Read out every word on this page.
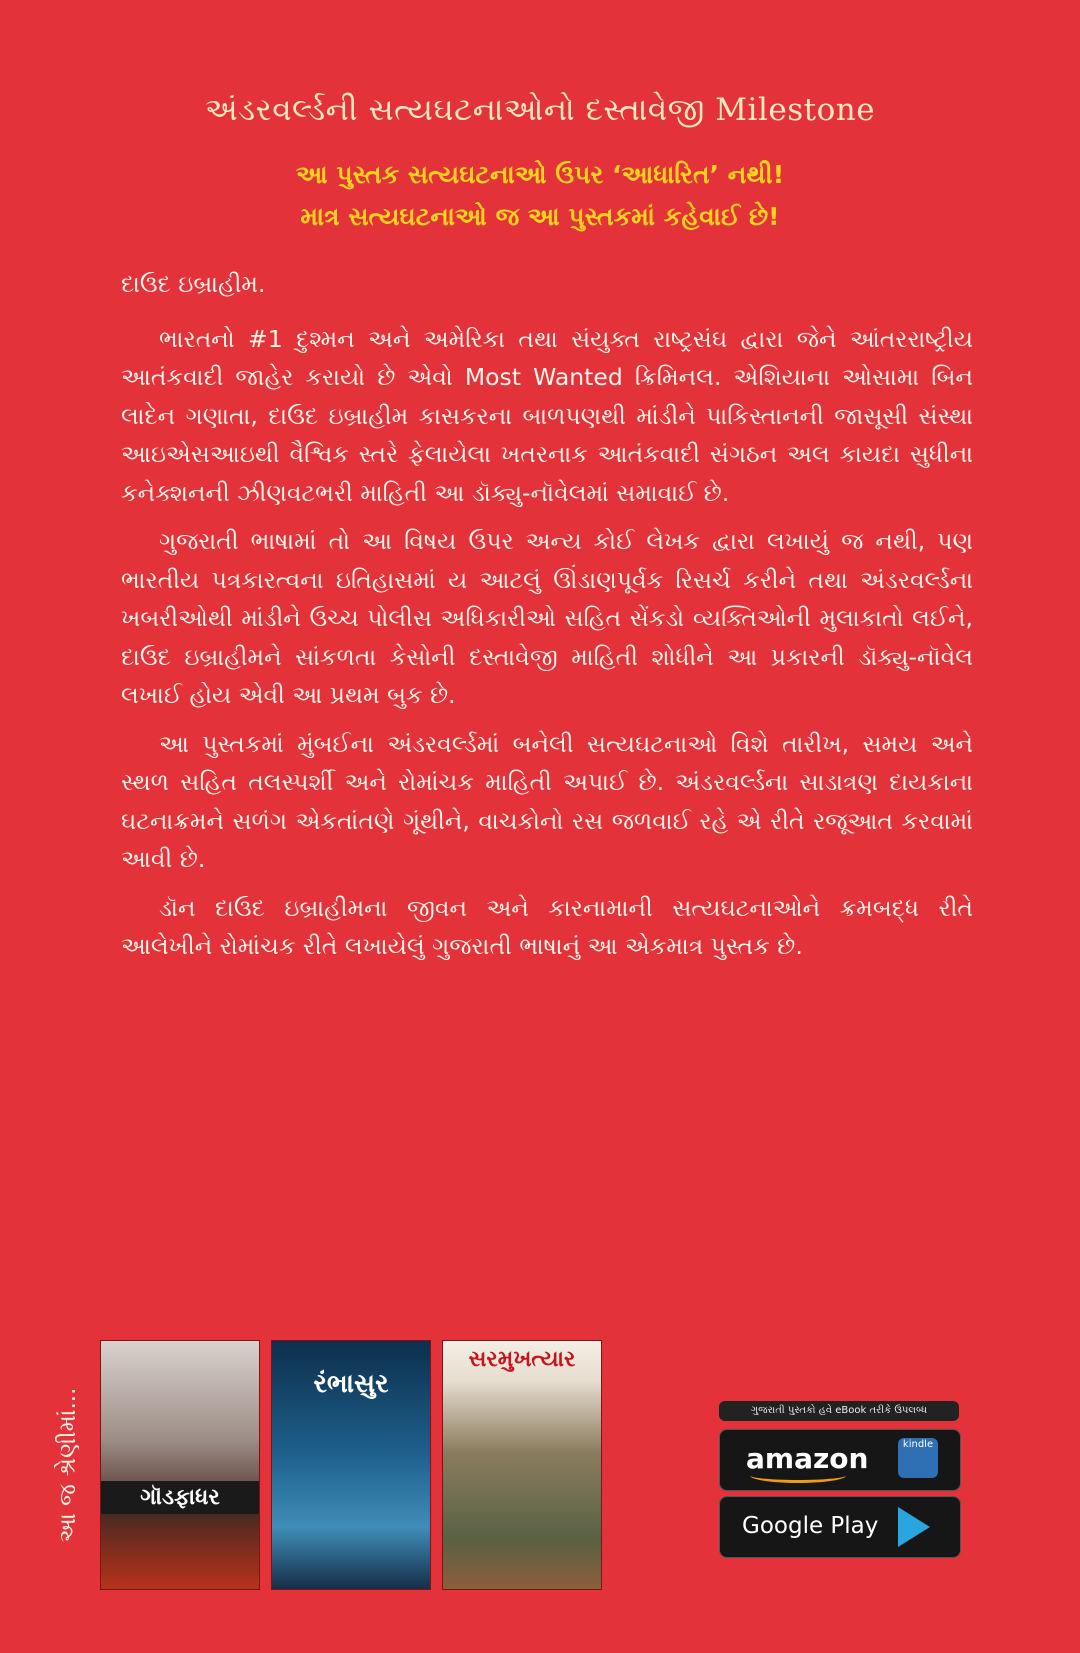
અંડરવર્લ્ડની સત્યઘટનાઓનો દસ્તાવેજી Milestone
આ પુસ્તક સત્યઘટનાઓ ઉપર ‘આધારિત’ નથી!
માત્ર સત્યઘટનાઓ જ આ પુસ્તકમાં કહેવાઈ છે!

દાઉદ ઇબ્રાહીમ.

ભારતનો #1 દુશ્મન અને અમેરિકા તથા સંયુક્ત રાષ્ટ્રસંઘ દ્વારા જેને આંતરરાષ્ટ્રીય આતંકવાદી જાહેર કરાયો છે એવો Most Wanted ક્રિમિનલ. એશિયાના ઓસામા બિન લાદેન ગણાતા, દાઉદ ઇબ્રાહીમ કાસકરના બાળપણથી માંડીને પાકિસ્તાનની જાસૂસી સંસ્થા આઇએસઆઇથી વૈશ્વિક સ્તરે ફેલાયેલા ખતરનાક આતંકવાદી સંગઠન અલ કાયદા સુધીના કનેક્શનની ઝીણવટભરી માહિતી આ ડૉક્યુ-નૉવેલમાં સમાવાઈ છે.

ગુજરાતી ભાષામાં તો આ વિષય ઉપર અન્ય કોઈ લેખક દ્વારા લખાયું જ નથી, પણ ભારતીય પત્રકારત્વના ઇતિહાસમાં ય આટલું ઊંડાણપૂર્વક રિસર્ચ કરીને તથા અંડરવર્લ્ડના ખબરીઓથી માંડીને ઉચ્ચ પોલીસ અધિકારીઓ સહિત સેંકડો વ્યક્તિઓની મુલાકાતો લઈને, દાઉદ ઇબ્રાહીમને સાંકળતા કેસોની દસ્તાવેજી માહિતી શોધીને આ પ્રકારની ડૉક્યુ-નૉવેલ લખાઈ હોય એવી આ પ્રથમ બુક છે.

આ પુસ્તકમાં મુંબઈના અંડરવર્લ્ડમાં બનેલી સત્યઘટનાઓ વિશે તારીખ, સમય અને સ્થળ સહિત તલસ્પર્શી અને રોમાંચક માહિતી અપાઈ છે. અંડરવર્લ્ડના સાડાત્રણ દાયકાના ઘટનાક્રમને સળંગ એકતાંતણે ગૂંથીને, વાચકોનો રસ જળવાઈ રહે એ રીતે રજૂઆત કરવામાં આવી છે.

ડૉન દાઉદ ઇબ્રાહીમના જીવન અને કારનામાની સત્યઘટનાઓને ક્રમબદ્ધ રીતે આલેખીને રોમાંચક રીતે લખાયેલું ગુજરાતી ભાષાનું આ એકમાત્ર પુસ્તક છે.

આ જ શ્રેણીમાં...	ગૉડફાધર
રંભાસુર
સરમુખત્યાર
ગુજરાતી પુસ્તકો હવે eBook તરીકે ઉપલબ્ધ
amazon	kindle
Google Play
